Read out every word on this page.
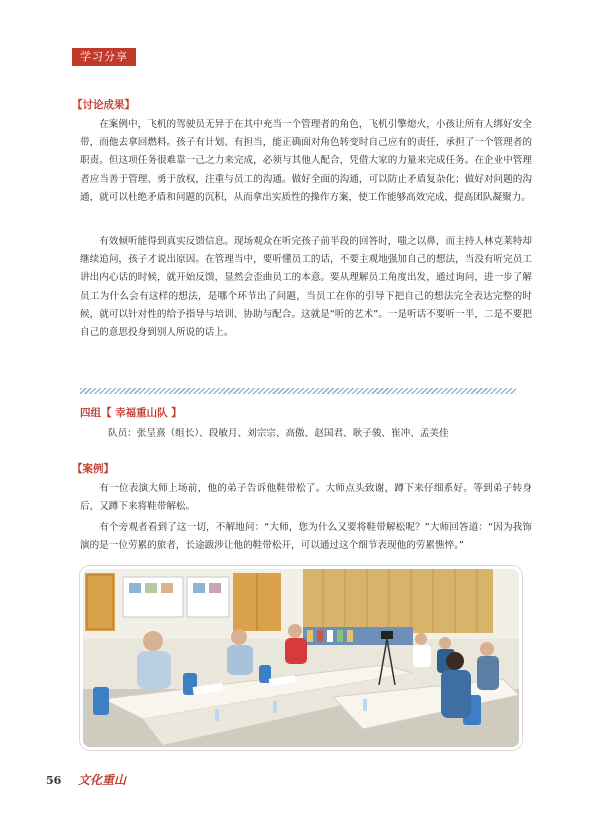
学习分享
【讨论成果】

在案例中，飞机的驾驶员无异于在其中充当一个管理者的角色，飞机引擎熄火，小孩让所有人绑好安全带，而他去拿回燃料。孩子有计划、有担当，能正确面对角色转变时自己应有的责任，承担了一个管理者的职责。但这项任务很难靠一己之力来完成，必须与其他人配合，凭借大家的力量来完成任务。在企业中管理者应当善于管理、勇于放权，注重与员工的沟通。做好全面的沟通，可以防止矛盾复杂化；做好对问题的沟通，就可以杜绝矛盾和问题的沉积，从而拿出实质性的操作方案，使工作能够高效完成，提高团队凝聚力。

有效倾听能得到真实反馈信息。现场观众在听完孩子前半段的回答时，嗤之以鼻，而主持人林克莱特却继续追问，孩子才说出原因。在管理当中，要听懂员工的话，不要主观地强加自己的想法，当没有听完员工讲出内心话的时候，就开始反馈，显然会歪曲员工的本意。要从理解员工角度出发，通过询问，进一步了解员工为什么会有这样的想法，是哪个环节出了问题，当员工在你的引导下把自己的想法完全表达完整的时候，就可以针对性的给予指导与培训、协助与配合。这就是“听的艺术”。一是听话不要听一半，二是不要把自己的意思投身到别人所说的话上。

四组【 幸福重山队 】
队员：张呈熹（组长）、段敏月、刘宗宗、高傲、赵国君、耿子骏、崔冲、孟美佳
【案例】

有一位表演大师上场前，他的弟子告诉他鞋带松了。大师点头致谢，蹲下来仔细系好。等到弟子转身后，又蹲下来将鞋带解松。

有个旁观者看到了这一切，不解地问：“大师，您为什么又要将鞋带解松呢？”大师回答道：“因为我饰演的是一位劳累的旅者，长途跋涉让他的鞋带松开，可以通过这个细节表现他的劳累憔悴。”

56 文化重山
